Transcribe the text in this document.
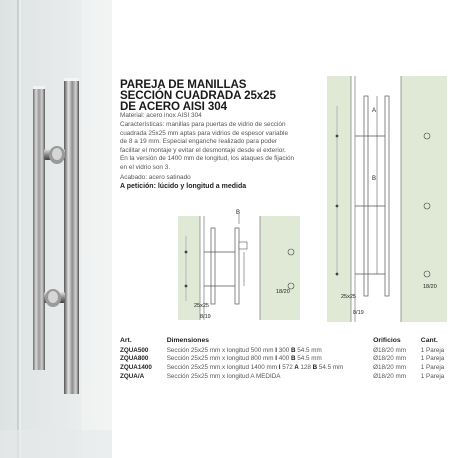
PAREJA DE MANILLAS
SECCIÓN CUADRADA 25x25
DE ACERO AISI 304
Material: acero inox AISI 304
Características: manillas para puertas de vidrio de sección
cuadrada 25x25 mm aptas para vidrios de espesor variable
de 8 a 19 mm. Especial enganche realizado para poder
facilitar el montaje y evitar el desmontaje desde el exterior.
En la versión de 1400 mm de longitud, los ataques de fijación
en el vidrio son 3.
Acabado: acero satinado
A petición: lúcido y longitud a medida
B
25x25
18/20
8/19
A
B
25x25
18/20
8/19
Art.	Dimensiones	Orificios	Cant.
ZQUA500	Sección 25x25 mm x longitud 500 mm I 300 B 54.5 mm	Ø18/20 mm	1 Pareja
ZQUA800	Sección 25x25 mm x longitud 800 mm I 400 B 54.5 mm	Ø18/20 mm	1 Pareja
ZQUA1400	Sección 25x25 mm x longitud 1400 mm I 572 A 128 B 54.5 mm	Ø18/20 mm	1 Pareja
ZQUA/A	Sección 25x25 mm x longitud A MEDIDA	Ø18/20 mm	1 Pareja
